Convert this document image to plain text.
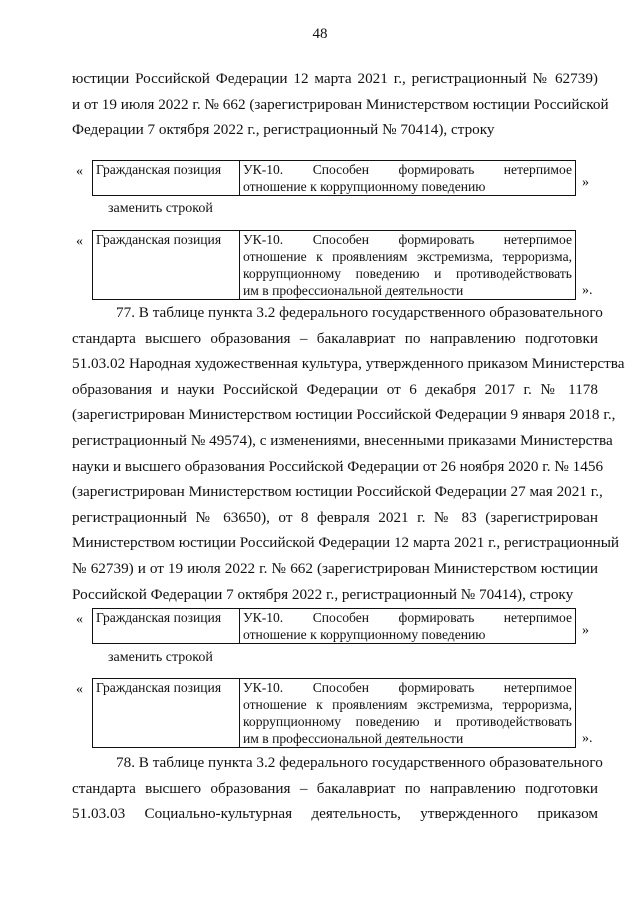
48

юстиции Российской Федерации 12 марта 2021 г., регистрационный № 62739)
и от 19 июля 2022 г. № 662 (зарегистрирован Министерством юстиции Российской
Федерации 7 октября 2022 г., регистрационный № 70414), строку

« Гражданская позиция	УК-10. Способен формировать нетерпимое
отношение к коррупционному поведению	»
заменить строкой
« Гражданская позиция	УК-10. Способен формировать нетерпимое
отношение к проявлениям экстремизма, терроризма,
коррупционному поведению и противодействовать
им в профессиональной деятельности	».

77. В таблице пункта 3.2 федерального государственного образовательного
стандарта высшего образования – бакалавриат по направлению подготовки
51.03.02 Народная художественная культура, утвержденного приказом Министерства
образования и науки Российской Федерации от 6 декабря 2017 г. № 1178
(зарегистрирован Министерством юстиции Российской Федерации 9 января 2018 г.,
регистрационный № 49574), с изменениями, внесенными приказами Министерства
науки и высшего образования Российской Федерации от 26 ноября 2020 г. № 1456
(зарегистрирован Министерством юстиции Российской Федерации 27 мая 2021 г.,
регистрационный № 63650), от 8 февраля 2021 г. № 83 (зарегистрирован
Министерством юстиции Российской Федерации 12 марта 2021 г., регистрационный
№ 62739) и от 19 июля 2022 г. № 662 (зарегистрирован Министерством юстиции
Российской Федерации 7 октября 2022 г., регистрационный № 70414), строку

« Гражданская позиция	УК-10. Способен формировать нетерпимое
отношение к коррупционному поведению	»
заменить строкой
« Гражданская позиция	УК-10. Способен формировать нетерпимое
отношение к проявлениям экстремизма, терроризма,
коррупционному поведению и противодействовать
им в профессиональной деятельности	».

78. В таблице пункта 3.2 федерального государственного образовательного
стандарта высшего образования – бакалавриат по направлению подготовки
51.03.03 Социально-культурная деятельность, утвержденного приказом
